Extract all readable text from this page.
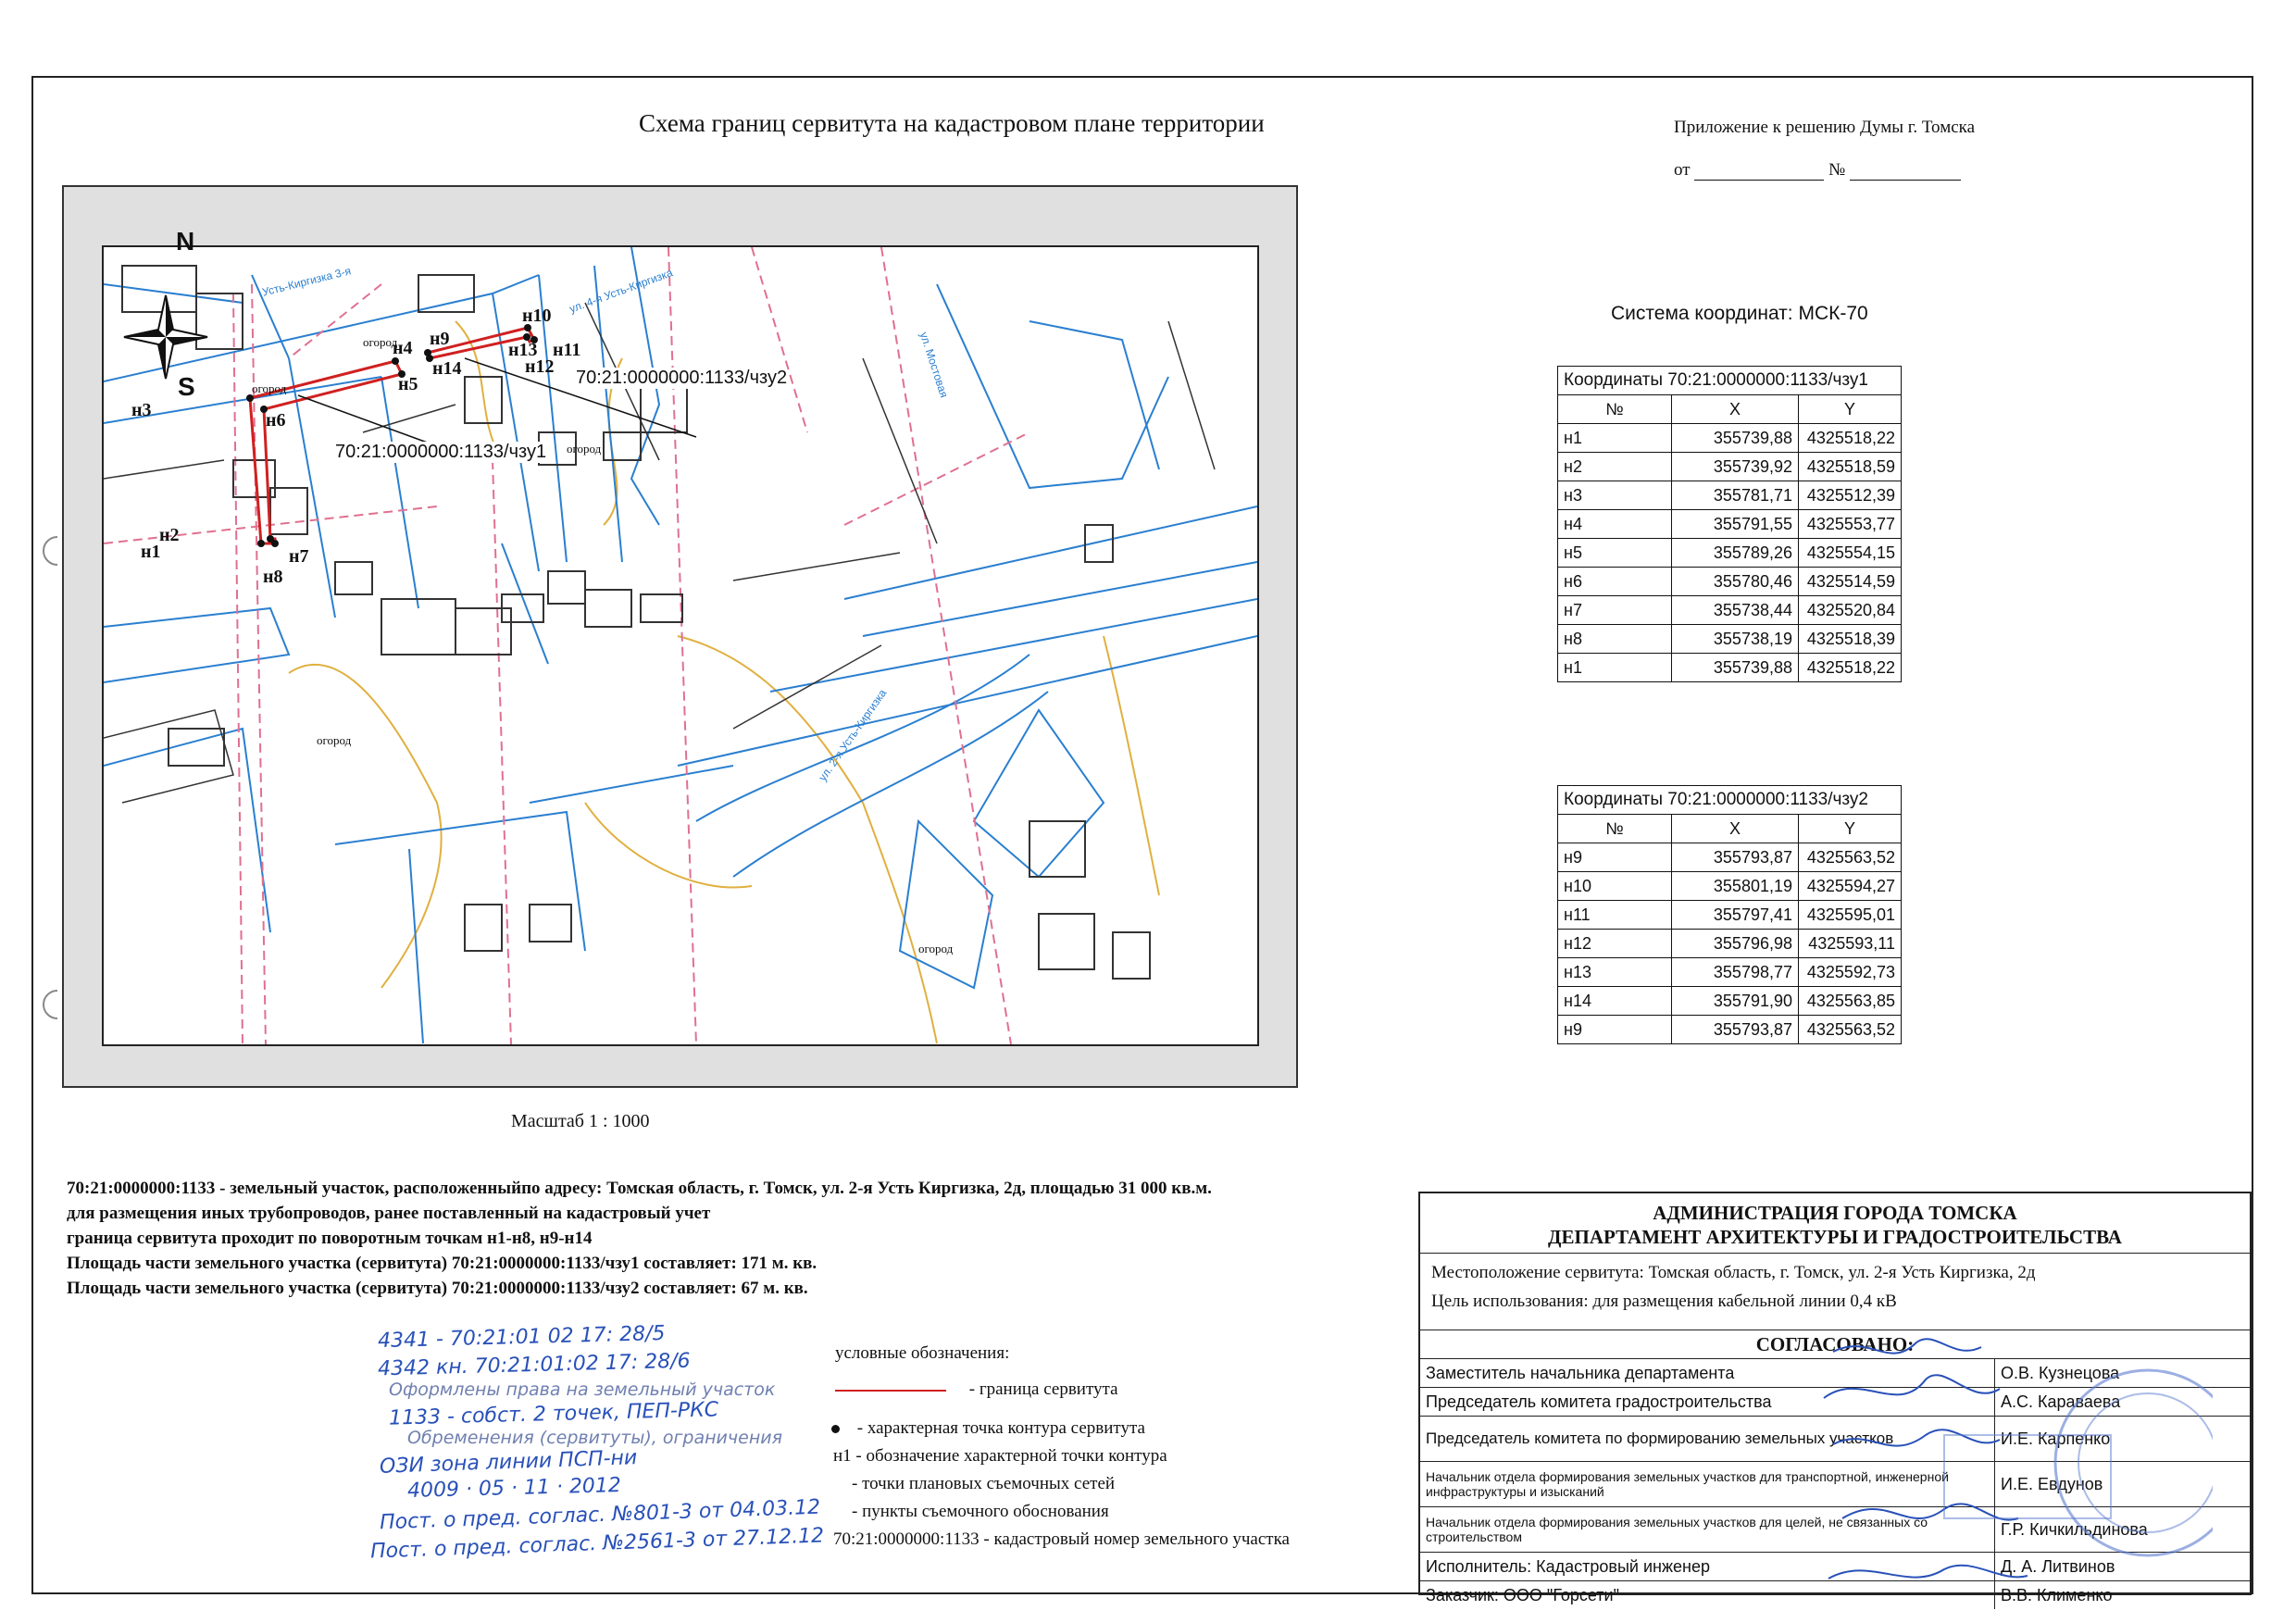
Схема границ сервитута на кадастровом плане территории	Приложение к решению Думы г. Томска
от	№
70:21:0000000:1133/чзу1
70:21:0000000:1133/чзу2
Усть-Киргизка 3-я
ул. 2-я Усть-Киргизка
ул. Мостовая
ул. 4-я Усть-Киргизка
огород
огород
огород
огород
огород
н1
н2
н3
н4
н5
н6
н7
н8
н9
н10
н11
н12
н13
н14
N
S
Система координат: МСК-70
Координаты 70:21:0000000:1133/чзу1		
№	X	Y
н1	355739,88	4325518,22
н2	355739,92	4325518,59
н3	355781,71	4325512,39
н4	355791,55	4325553,77
н5	355789,26	4325554,15
н6	355780,46	4325514,59
н7	355738,44	4325520,84
н8	355738,19	4325518,39
н1	355739,88	4325518,22
Координаты 70:21:0000000:1133/чзу2		
№	X	Y
н9	355793,87	4325563,52
н10	355801,19	4325594,27
н11	355797,41	4325595,01
н12	355796,98	4325593,11
н13	355798,77	4325592,73
н14	355791,90	4325563,85
н9	355793,87	4325563,52
Масштаб 1 : 1000
70:21:0000000:1133 - земельный участок, расположенныйпо адресу: Томская область, г. Томск, ул. 2-я Усть Киргизка, 2д, площадью 31 000 кв.м.
для размещения иных трубопроводов, ранее поставленный на кадастровый учет
граница сервитута проходит по поворотным точкам н1-н8, н9-н14
Площадь части земельного участка (сервитута) 70:21:0000000:1133/чзу1 составляет: 171 м. кв.
Площадь части земельного участка (сервитута) 70:21:0000000:1133/чзу2 составляет: 67 м. кв.
условные обозначения:
- граница сервитута
- характерная точка контура сервитута
н1 - обозначение характерной точки контура
- точки плановых съемочных сетей
- пункты съемочного обоснования
70:21:0000000:1133 - кадастровый номер земельного участка
4341 - 70:21:01 02 17: 28/5
4342 кн. 70:21:01:02 17: 28/6
Оформлены права на земельный участок
1133 - собст. 2 точек, ПЕП-РКС
Обременения (сервитуты), ограничения
ОЗИ зона линии ПСП-ни
4009 · 05 · 11 · 2012
Пост. о пред. соглас. №801-3 от 04.03.12
Пост. о пред. соглас. №2561-3 от 27.12.12
АДМИНИСТРАЦИЯ ГОРОДА ТОМСКА
ДЕПАРТАМЕНТ АРХИТЕКТУРЫ И ГРАДОСТРОИТЕЛЬСТВА
Местоположение сервитута: Томская область, г. Томск, ул. 2-я Усть Киргизка, 2д
Цель использования: для размещения кабельной линии 0,4 кВ
СОГЛАСОВАНО:
Заместитель начальника департамента	О.В. Кузнецова
Председатель комитета градостроительства	А.С. Караваева
Председатель комитета по формированию земельных участков	И.Е. Карпенко
Начальник отдела формирования земельных участков для транспортной, инженерной инфраструктуры и изысканий	И.Е. Евдунов
Начальник отдела формирования земельных участков для целей, не связанных со строительством	Г.Р. Кичкильдинова
Исполнитель: Кадастровый инженер	Д. А. Литвинов
Заказчик: ООО "Горсети"	В.В. Клименко
